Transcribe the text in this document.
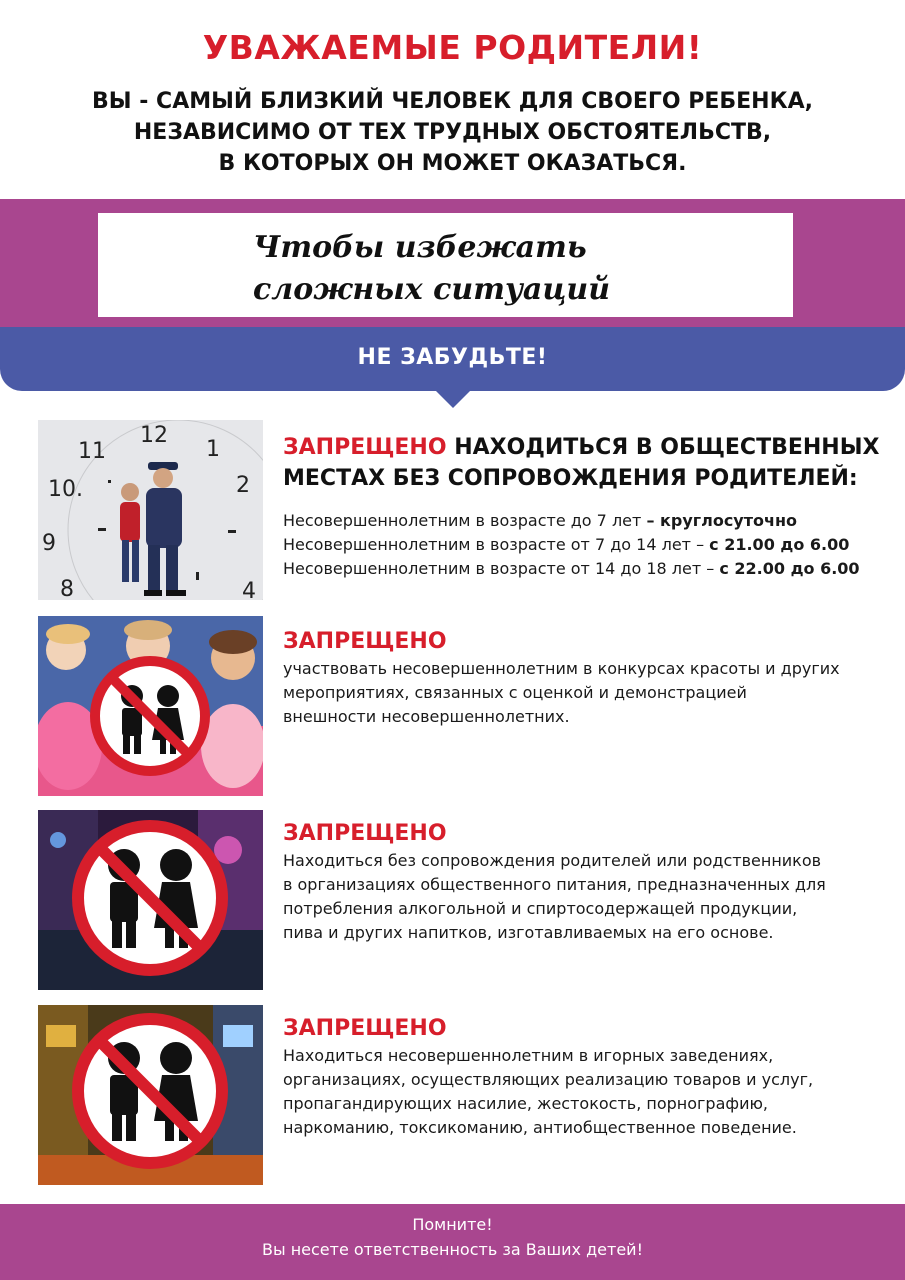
УВАЖАЕМЫЕ РОДИТЕЛИ!
ВЫ - САМЫЙ БЛИЗКИЙ ЧЕЛОВЕК ДЛЯ СВОЕГО РЕБЕНКА,
НЕЗАВИСИМО ОТ ТЕХ ТРУДНЫХ ОБСТОЯТЕЛЬСТВ,
В КОТОРЫХ ОН МОЖЕТ ОКАЗАТЬСЯ.
Чтобы избежать
сложных ситуаций
НЕ ЗАБУДЬТЕ!
12
1
2
4
8
9
10.
11	ЗАПРЕЩЕНО НАХОДИТЬСЯ В ОБЩЕСТВЕННЫХ
МЕСТАХ БЕЗ СОПРОВОЖДЕНИЯ РОДИТЕЛЕЙ:
Несовершеннолетним в возрасте до 7 лет – круглосуточно
Несовершеннолетним в возрасте от 7 до 14 лет – с 21.00 до 6.00
Несовершеннолетним в возрасте от 14 до 18 лет – с 22.00 до 6.00
ЗАПРЕЩЕНО
участвовать несовершеннолетним в конкурсах красоты и других
мероприятиях, связанных с оценкой и демонстрацией
внешности несовершеннолетних.
ЗАПРЕЩЕНО
Находиться без сопровождения родителей или родственников
в организациях общественного питания, предназначенных для
потребления алкогольной и спиртосодержащей продукции,
пива и других напитков, изготавливаемых на его основе.
ЗАПРЕЩЕНО
Находиться несовершеннолетним в игорных заведениях,
организациях, осуществляющих реализацию товаров и услуг,
пропагандирующих насилие, жестокость, порнографию,
наркоманию, токсикоманию, антиобщественное поведение.
Помните!
Вы несете ответственность за Ваших детей!
